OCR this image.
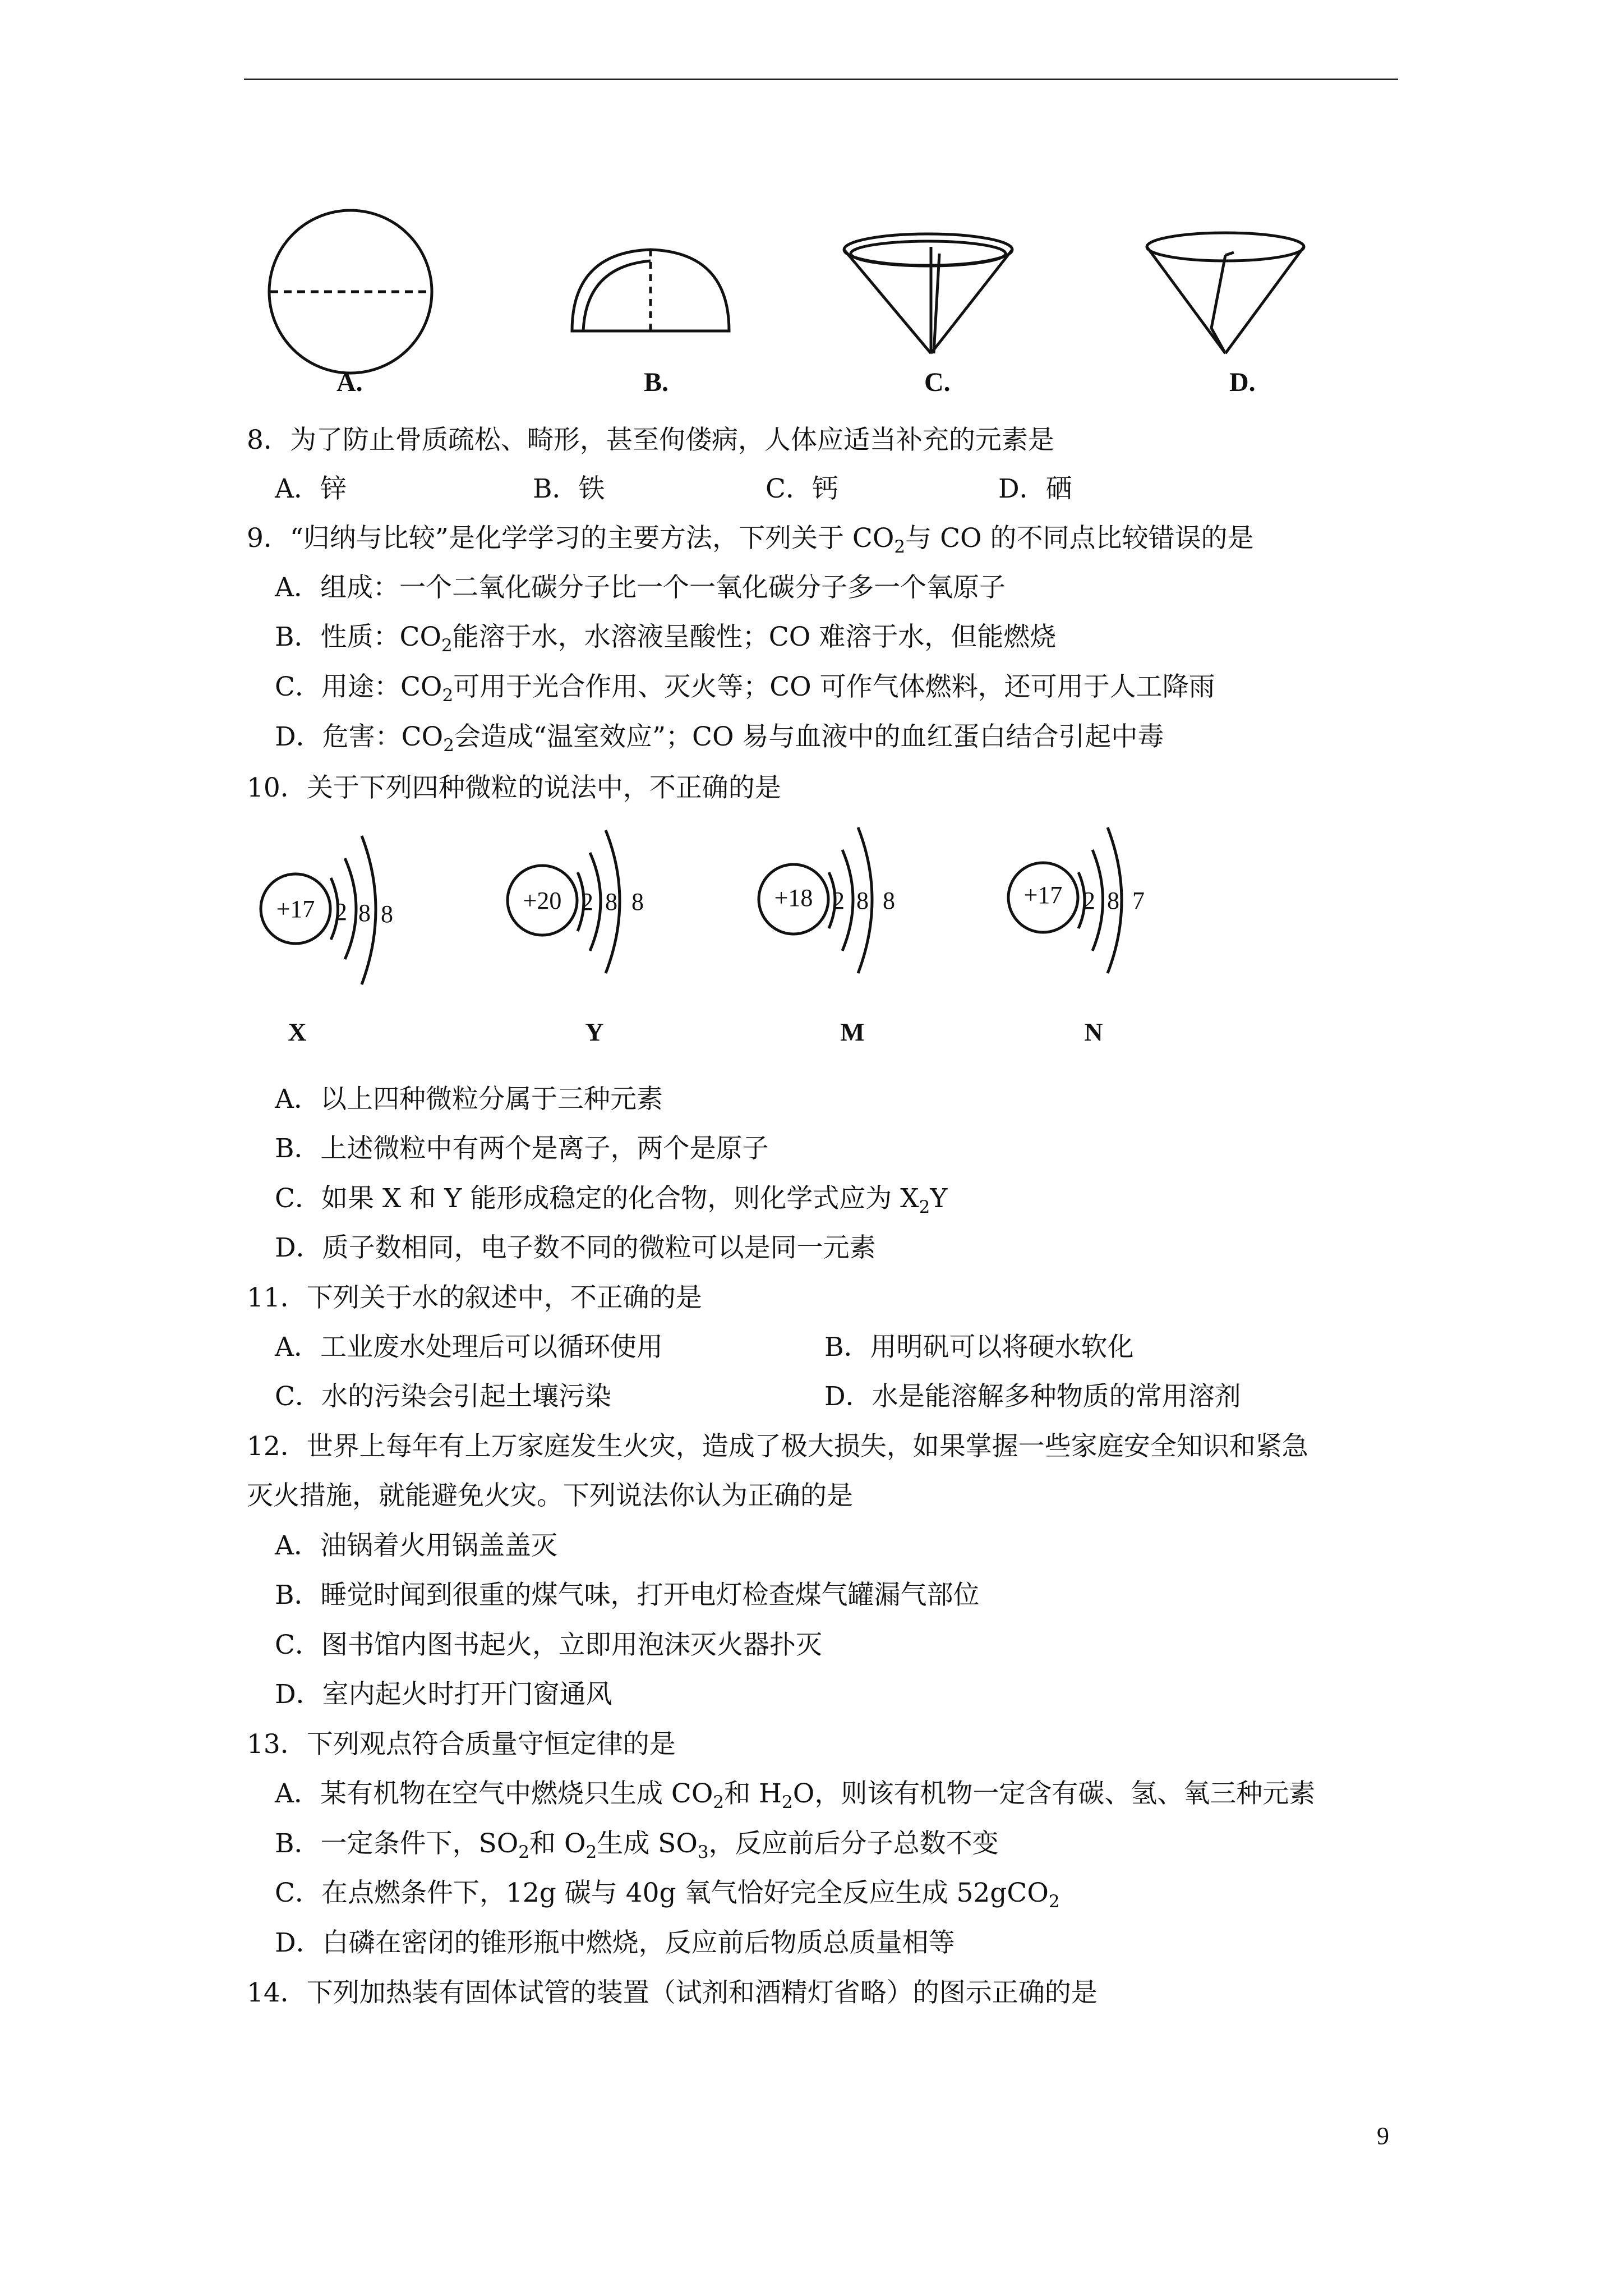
A.	B.	C.	D.
8．为了防止骨质疏松、畸形，甚至佝偻病，人体应适当补充的元素是
A．锌	B．铁	C．钙	D．硒
9．“归纳与比较”是化学学习的主要方法，下列关于 $CO_2$与 CO 的不同点比较错误的是
A．组成：一个二氧化碳分子比一个一氧化碳分子多一个氧原子
B．性质：$CO_2$能溶于水，水溶液呈酸性；CO 难溶于水，但能燃烧
C．用途：$CO_2$可用于光合作用、灭火等；CO 可作气体燃料，还可用于人工降雨
D．危害：$CO_2$会造成“温室效应”；CO 易与血液中的血红蛋白结合引起中毒
10．关于下列四种微粒的说法中，不正确的是
+17 2 8 8	+20 2 8 8	+18 2 8 8	+17 2 8 7
X	Y	M	N
A．以上四种微粒分属于三种元素
B．上述微粒中有两个是离子，两个是原子
C．如果 X 和 Y 能形成稳定的化合物，则化学式应为 $X_2Y$
D．质子数相同，电子数不同的微粒可以是同一元素
11．下列关于水的叙述中，不正确的是
A．工业废水处理后可以循环使用	B．用明矾可以将硬水软化
C．水的污染会引起土壤污染	D．水是能溶解多种物质的常用溶剂
12．世界上每年有上万家庭发生火灾，造成了极大损失，如果掌握一些家庭安全知识和紧急
灭火措施，就能避免火灾。下列说法你认为正确的是
A．油锅着火用锅盖盖灭
B．睡觉时闻到很重的煤气味，打开电灯检查煤气罐漏气部位
C．图书馆内图书起火，立即用泡沫灭火器扑灭
D．室内起火时打开门窗通风
13．下列观点符合质量守恒定律的是
A．某有机物在空气中燃烧只生成 $CO_2$和 $H_2O$，则该有机物一定含有碳、氢、氧三种元素
B．一定条件下，$SO_2$和 $O_2$生成 $SO_3$，反应前后分子总数不变
C．在点燃条件下，12g 碳与 40g 氧气恰好完全反应生成 52gCO$_2$
D．白磷在密闭的锥形瓶中燃烧，反应前后物质总质量相等
14．下列加热装有固体试管的装置（试剂和酒精灯省略）的图示正确的是
9
